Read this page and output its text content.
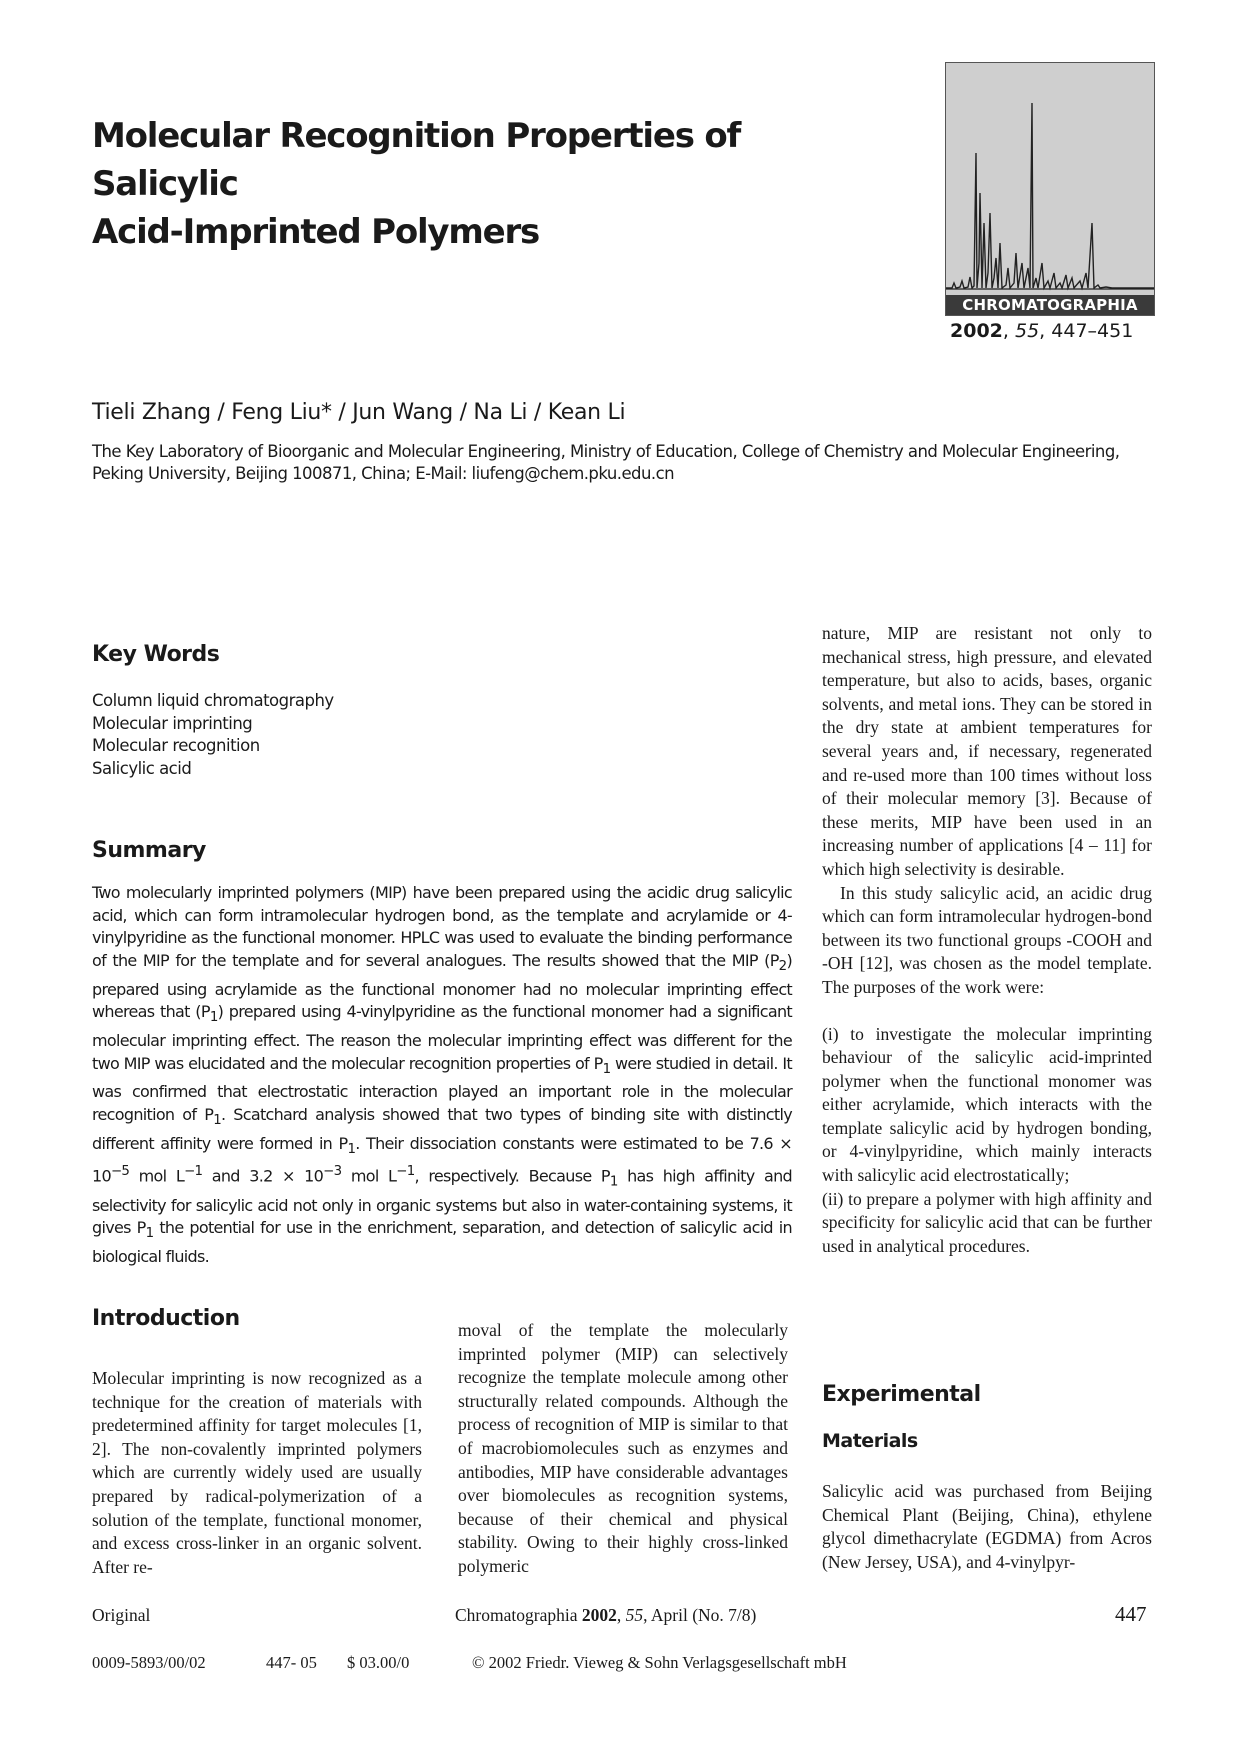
Molecular Recognition Properties of Salicylic
Acid-Imprinted Polymers
CHROMATOGRAPHIA
2002, 55, 447–451
Tieli Zhang / Feng Liu* / Jun Wang / Na Li / Kean Li
The Key Laboratory of Bioorganic and Molecular Engineering, Ministry of Education, College of Chemistry and Molecular Engineering,
Peking University, Beijing 100871, China; E-Mail: liufeng@chem.pku.edu.cn
Key Words
Column liquid chromatography
Molecular imprinting
Molecular recognition
Salicylic acid
Summary

Two molecularly imprinted polymers (MIP) have been prepared using the acidic drug salicylic acid, which can form intramolecular hydrogen bond, as the template and acrylamide or 4-vinylpyridine as the functional monomer. HPLC was used to evaluate the binding performance of the MIP for the template and for several analogues. The results showed that the MIP $(P_2)$ prepared using acrylamide as the functional monomer had no molecular imprinting effect whereas that $(P_1)$ prepared using 4-vinylpyridine as the functional monomer had a significant molecular imprinting effect. The reason the molecular imprinting effect was different for the two MIP was elucidated and the molecular recognition properties of $P_1$ were studied in detail. It was confirmed that electrostatic interaction played an important role in the molecular recognition of $P_1$. Scatchard analysis showed that two types of binding site with distinctly different affinity were formed in $P_1$. Their dissociation constants were estimated to be $7.6 \times 10^{-5}$ mol $L^{-1}$ and $3.2 \times 10^{-3}$ mol $L^{-1}$, respectively. Because $P_1$ has high affinity and selectivity for salicylic acid not only in organic systems but also in water-containing systems, it gives $P_1$ the potential for use in the enrichment, separation, and detection of salicylic acid in biological fluids.

Introduction

Molecular imprinting is now recognized as a technique for the creation of materials with predetermined affinity for target molecules [1, 2]. The non-covalently imprinted polymers which are currently widely used are usually prepared by radical-polymerization of a solution of the template, functional monomer, and excess cross-linker in an organic solvent. After re-

moval of the template the molecularly imprinted polymer (MIP) can selectively recognize the template molecule among other structurally related compounds. Although the process of recognition of MIP is similar to that of macrobiomolecules such as enzymes and antibodies, MIP have considerable advantages over biomolecules as recognition systems, because of their chemical and physical stability. Owing to their highly cross-linked polymeric

nature, MIP are resistant not only to mechanical stress, high pressure, and elevated temperature, but also to acids, bases, organic solvents, and metal ions. They can be stored in the dry state at ambient temperatures for several years and, if necessary, regenerated and re-used more than 100 times without loss of their molecular memory [3]. Because of these merits, MIP have been used in an increasing number of applications [4 – 11] for which high selectivity is desirable.

In this study salicylic acid, an acidic drug which can form intramolecular hydrogen-bond between its two functional groups -COOH and -OH [12], was chosen as the model template. The purposes of the work were:

(i) to investigate the molecular imprinting behaviour of the salicylic acid-imprinted polymer when the functional monomer was either acrylamide, which interacts with the template salicylic acid by hydrogen bonding, or 4-vinylpyridine, which mainly interacts with salicylic acid electrostatically;

(ii) to prepare a polymer with high affinity and specificity for salicylic acid that can be further used in analytical procedures.

Experimental
Materials

Salicylic acid was purchased from Beijing Chemical Plant (Beijing, China), ethylene glycol dimethacrylate (EGDMA) from Acros (New Jersey, USA), and 4-vinylpyr-

Original	Chromatographia 2002, 55, April (No. 7/8)	447
0009-5893/00/02	447- 05 $ 03.00/0	© 2002 Friedr. Vieweg & Sohn Verlagsgesellschaft mbH
